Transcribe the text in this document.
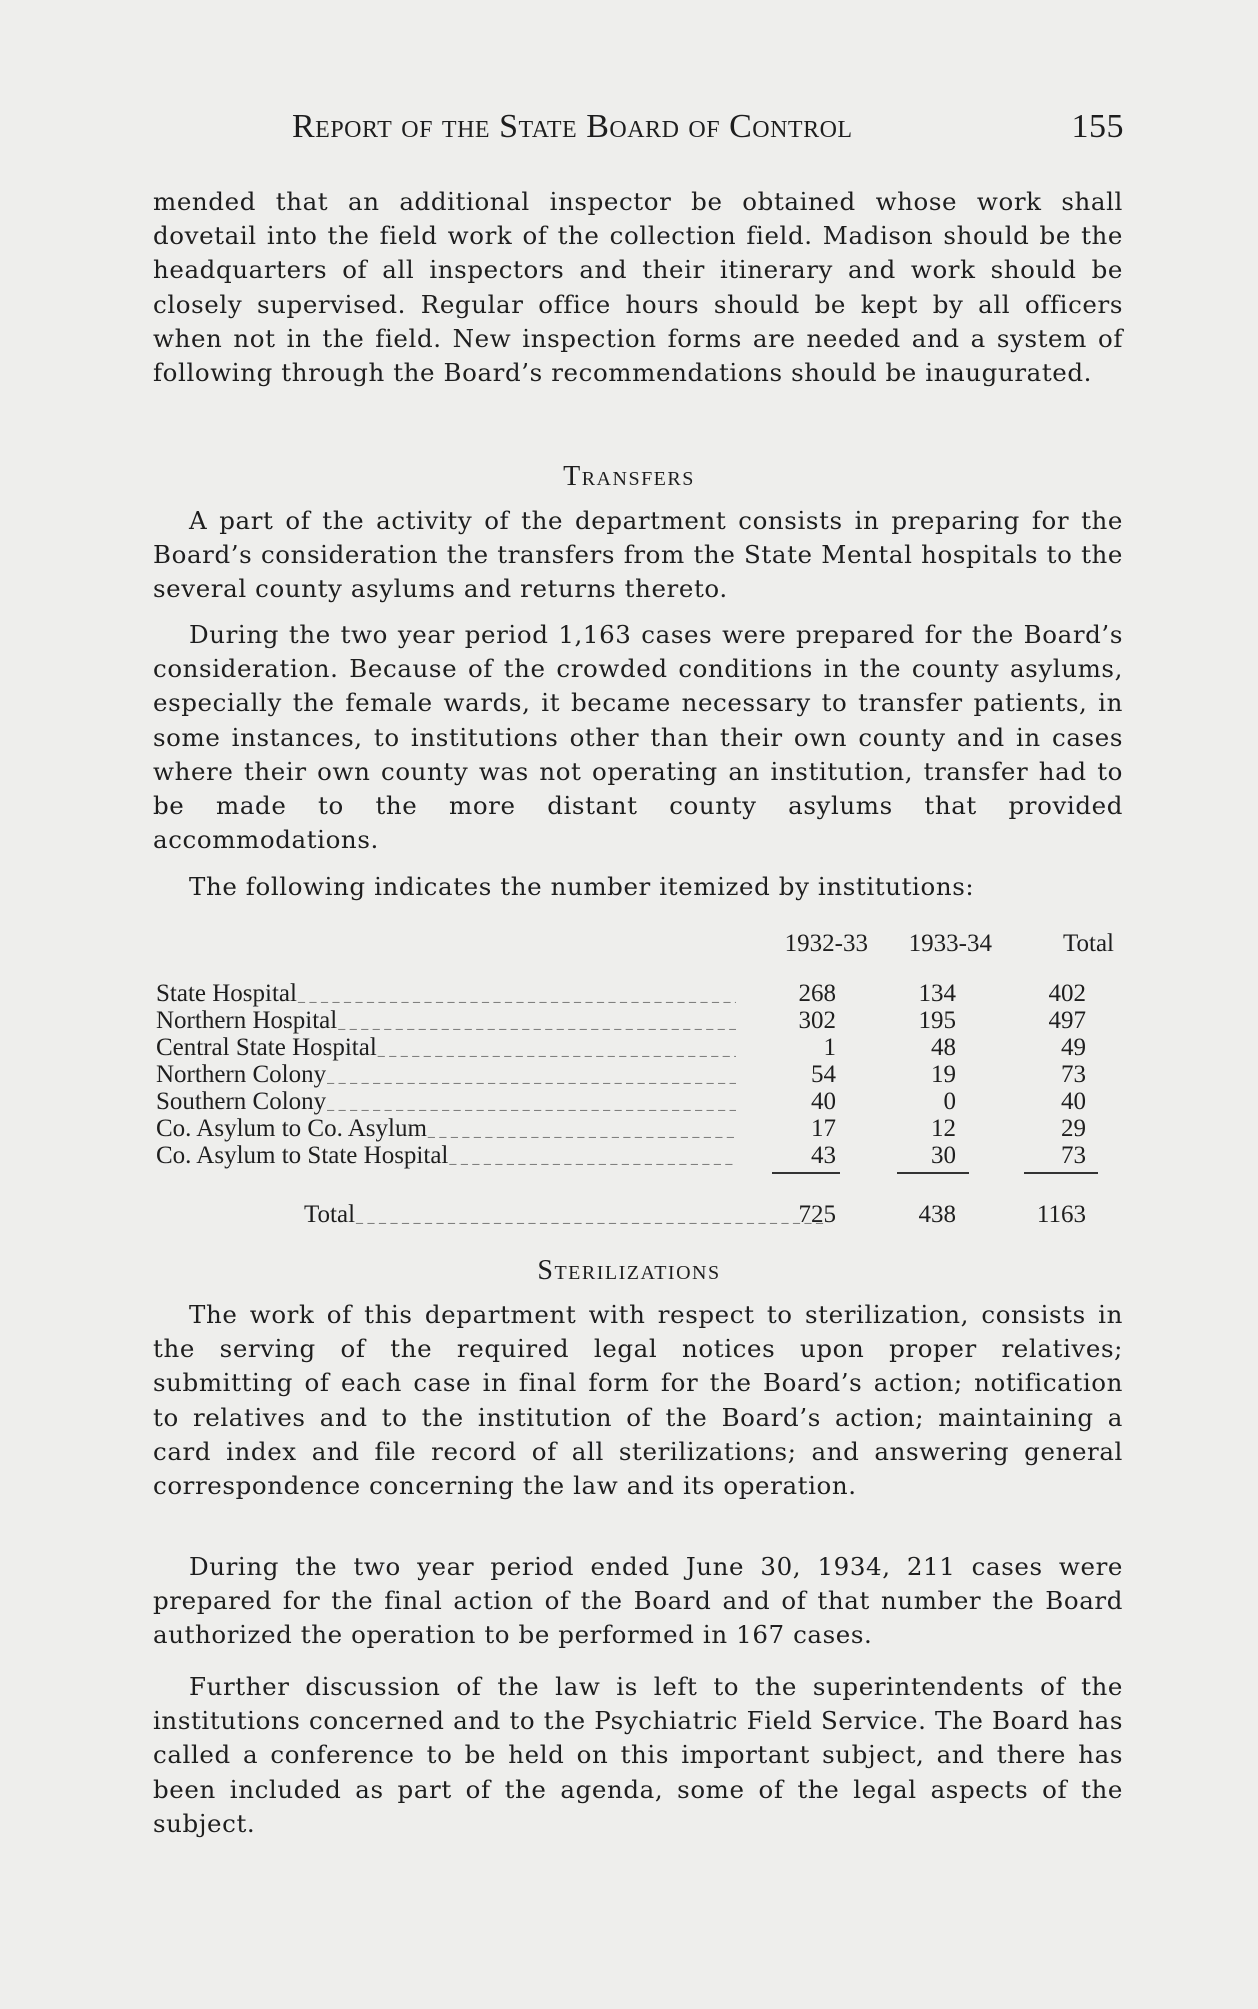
Report of the State Board of Control	155

mended that an additional inspector be obtained whose work shall dovetail into the field work of the collection field. Madison should be the headquarters of all inspectors and their itinerary and work should be closely supervised. Regular office hours should be kept by all officers when not in the field. New inspection forms are needed and a system of following through the Board’s recommendations should be inaugurated.

Transfers

A part of the activity of the department consists in preparing for the Board’s consideration the transfers from the State Mental hospitals to the several county asylums and returns thereto.

During the two year period 1,163 cases were prepared for the Board’s consideration. Because of the crowded conditions in the county asylums, especially the female wards, it became necessary to transfer patients, in some instances, to institutions other than their own county and in cases where their own county was not operating an institution, transfer had to be made to the more distant county asylums that provided accommodations.

The following indicates the number itemized by institutions:

1932-33	1933-34	Total
State Hospital _ _ _	268	134	402
Northern Hospital _ _ _	302	195	497
Central State Hospital _ _ _	1	48	49
Northern Colony _ _ _	54	19	73
Southern Colony _ _ _	40	0	40
Co. Asylum to Co. Asylum _ _ _	17	12	29
Co. Asylum to State Hospital _ _ _	43	30	73
Total _ _ _	725	438	1163
Sterilizations

The work of this department with respect to sterilization, consists in the serving of the required legal notices upon proper relatives; submitting of each case in final form for the Board’s action; notification to relatives and to the institution of the Board’s action; maintaining a card index and file record of all sterilizations; and answering general correspondence concerning the law and its operation.

During the two year period ended June 30, 1934, 211 cases were prepared for the final action of the Board and of that number the Board authorized the operation to be performed in 167 cases.

Further discussion of the law is left to the superintendents of the institutions concerned and to the Psychiatric Field Service. The Board has called a conference to be held on this important subject, and there has been included as part of the agenda, some of the legal aspects of the subject.
